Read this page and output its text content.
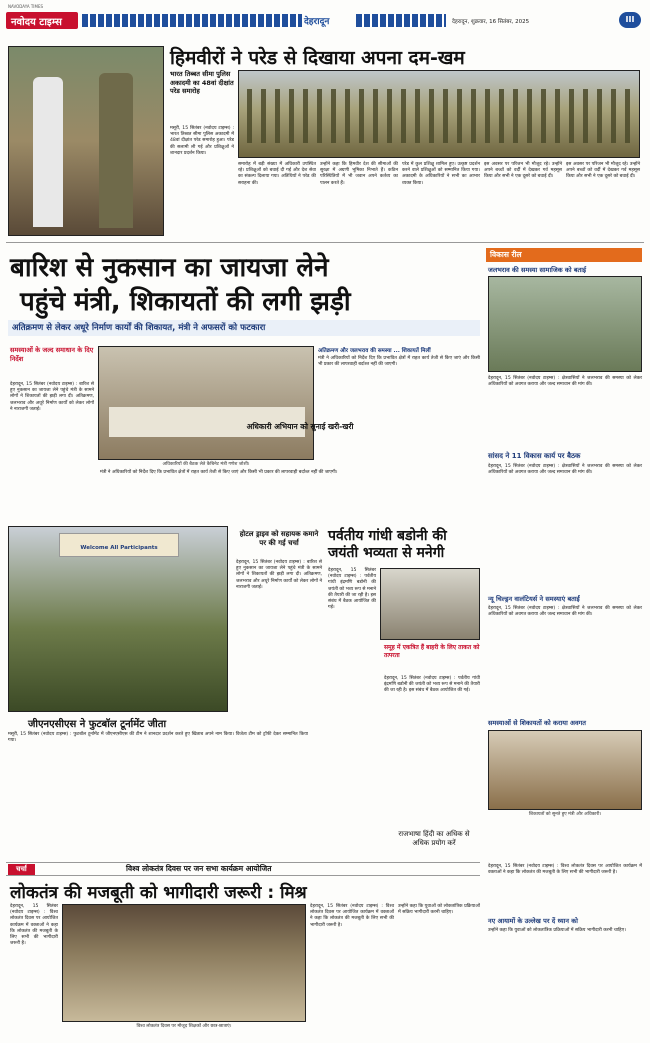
NAVODAYA TIMES
नवोदय टाइम्स	देहरादून	देहरादून, शुक्रवार, 16 सितंबर, 2025	III
हिमवीरों ने परेड से दिखाया अपना दम-खम
भारत तिब्बत सीमा पुलिस अकादमी का 48वां दीक्षांत परेड समारोह
मसूरी, 15 सितंबर (नवोदय टाइम्स) : भारत तिब्बत सीमा पुलिस अकादमी में 48वां दीक्षांत परेड समारोह हुआ। परेड की सलामी ली गई और प्रशिक्षुओं ने शानदार प्रदर्शन किया।
समारोह में बड़ी संख्या में अधिकारी उपस्थित रहे। प्रशिक्षुओं को बधाई दी गई और देश सेवा का संकल्प दिलाया गया। अतिथियों ने परेड की सराहना की।
उन्होंने कहा कि हिमवीर देश की सीमाओं की सुरक्षा में अग्रणी भूमिका निभाते हैं। कठिन परिस्थितियों में भी जवान अपने कर्तव्य का पालन करते हैं।
परेड में कुल प्रशिक्षु शामिल हुए। उत्कृष्ट प्रदर्शन करने वाले प्रशिक्षुओं को सम्मानित किया गया। अकादमी के अधिकारियों ने सभी का आभार व्यक्त किया।
इस अवसर पर परिजन भी मौजूद रहे। उन्होंने अपने बच्चों को वर्दी में देखकर गर्व महसूस किया और सभी ने एक दूसरे को बधाई दी।
इस अवसर पर परिजन भी मौजूद रहे। उन्होंने अपने बच्चों को वर्दी में देखकर गर्व महसूस किया और सभी ने एक दूसरे को बधाई दी।
बारिश से नुकसान का जायजा लेने
पहुंचे मंत्री, शिकायतों की लगी झड़ी
अतिक्रमण से लेकर अधूरे निर्माण कार्यों की शिकायत, मंत्री ने अफसरों को फटकारा
समस्याओं के जल्द समाधान के दिए निर्देश
देहरादून, 15 सितंबर (नवोदय टाइम्स) : बारिश से हुए नुकसान का जायजा लेने पहुंचे मंत्री के सामने लोगों ने शिकायतों की झड़ी लगा दी। अतिक्रमण, जलभराव और अधूरे निर्माण कार्यों को लेकर लोगों ने नाराजगी जताई।
अधिकारियों की बैठक लेते कैबिनेट मंत्री गणेश जोशी।
अतिक्रमण और जलभराव की समस्या ... शिकायतें मिलीं
मंत्री ने अधिकारियों को निर्देश दिए कि प्रभावित क्षेत्रों में राहत कार्य तेजी से किए जाएं और किसी भी प्रकार की लापरवाही बर्दाश्त नहीं की जाएगी।
अधिकारी अभियान को सुनाई खरी-खरी
मंत्री ने अधिकारियों को निर्देश दिए कि प्रभावित क्षेत्रों में राहत कार्य तेजी से किए जाएं और किसी भी प्रकार की लापरवाही बर्दाश्त नहीं की जाएगी।
Welcome All Participants
जीएनएसीएस ने फुटबॉल टूर्नामेंट जीता
मसूरी, 15 सितंबर (नवोदय टाइम्स) : फुटबॉल टूर्नामेंट में जीएनएसीएस की टीम ने शानदार प्रदर्शन करते हुए खिताब अपने नाम किया। विजेता टीम को ट्रॉफी देकर सम्मानित किया गया।
होटल ड्राइव को सहायक कमाने पर की गई चर्चा
देहरादून, 15 सितंबर (नवोदय टाइम्स) : बारिश से हुए नुकसान का जायजा लेने पहुंचे मंत्री के सामने लोगों ने शिकायतों की झड़ी लगा दी। अतिक्रमण, जलभराव और अधूरे निर्माण कार्यों को लेकर लोगों ने नाराजगी जताई।
पर्वतीय गांधी बडोनी की जयंती भव्यता से मनेगी
देहरादून, 15 सितंबर (नवोदय टाइम्स) : पर्वतीय गांधी इंद्रमणि बडोनी की जयंती को भव्य रूप से मनाने की तैयारी की जा रही है। इस संबंध में बैठक आयोजित की गई।
समूह में एकत्रित हैं बाहरी के लिए ताकत को तत्परता
देहरादून, 15 सितंबर (नवोदय टाइम्स) : पर्वतीय गांधी इंद्रमणि बडोनी की जयंती को भव्य रूप से मनाने की तैयारी की जा रही है। इस संबंध में बैठक आयोजित की गई।
राजभाषा हिंदी का अधिक से अधिक प्रयोग करें
विकास रील
जलभराव की समस्या सामाजिक को बताई
देहरादून, 15 सितंबर (नवोदय टाइम्स) : क्षेत्रवासियों ने जलभराव की समस्या को लेकर अधिकारियों को अवगत कराया और जल्द समाधान की मांग की।
सांसद ने 11 विकास कार्य पर बैठक
देहरादून, 15 सितंबर (नवोदय टाइम्स) : क्षेत्रवासियों ने जलभराव की समस्या को लेकर अधिकारियों को अवगत कराया और जल्द समाधान की मांग की।
न्यू चिल्ड्रन वालंटियर्स ने समस्याएं बताईं
देहरादून, 15 सितंबर (नवोदय टाइम्स) : क्षेत्रवासियों ने जलभराव की समस्या को लेकर अधिकारियों को अवगत कराया और जल्द समाधान की मांग की।
समस्याओं से शिकायतों को कराया अवगत
शिकायतों को सुनते हुए मंत्री और अधिकारी।
चर्चा	विश्व लोकतंत्र दिवस पर जन सभा कार्यक्रम आयोजित
लोकतंत्र की मजबूती को भागीदारी जरूरी : मिश्र
देहरादून, 15 सितंबर (नवोदय टाइम्स) : विश्व लोकतंत्र दिवस पर आयोजित कार्यक्रम में वक्ताओं ने कहा कि लोकतंत्र की मजबूती के लिए सभी की भागीदारी जरूरी है।
विश्व लोकतंत्र दिवस पर मौजूद शिक्षकों और छात्र-छात्राएं।
देहरादून, 15 सितंबर (नवोदय टाइम्स) : विश्व लोकतंत्र दिवस पर आयोजित कार्यक्रम में वक्ताओं ने कहा कि लोकतंत्र की मजबूती के लिए सभी की भागीदारी जरूरी है।
उन्होंने कहा कि युवाओं को लोकतांत्रिक प्रक्रियाओं में सक्रिय भागीदारी करनी चाहिए।
नए आयामों के उल्लेख पर दें ध्यान को
देहरादून, 15 सितंबर (नवोदय टाइम्स) : विश्व लोकतंत्र दिवस पर आयोजित कार्यक्रम में वक्ताओं ने कहा कि लोकतंत्र की मजबूती के लिए सभी की भागीदारी जरूरी है।
उन्होंने कहा कि युवाओं को लोकतांत्रिक प्रक्रियाओं में सक्रिय भागीदारी करनी चाहिए।
